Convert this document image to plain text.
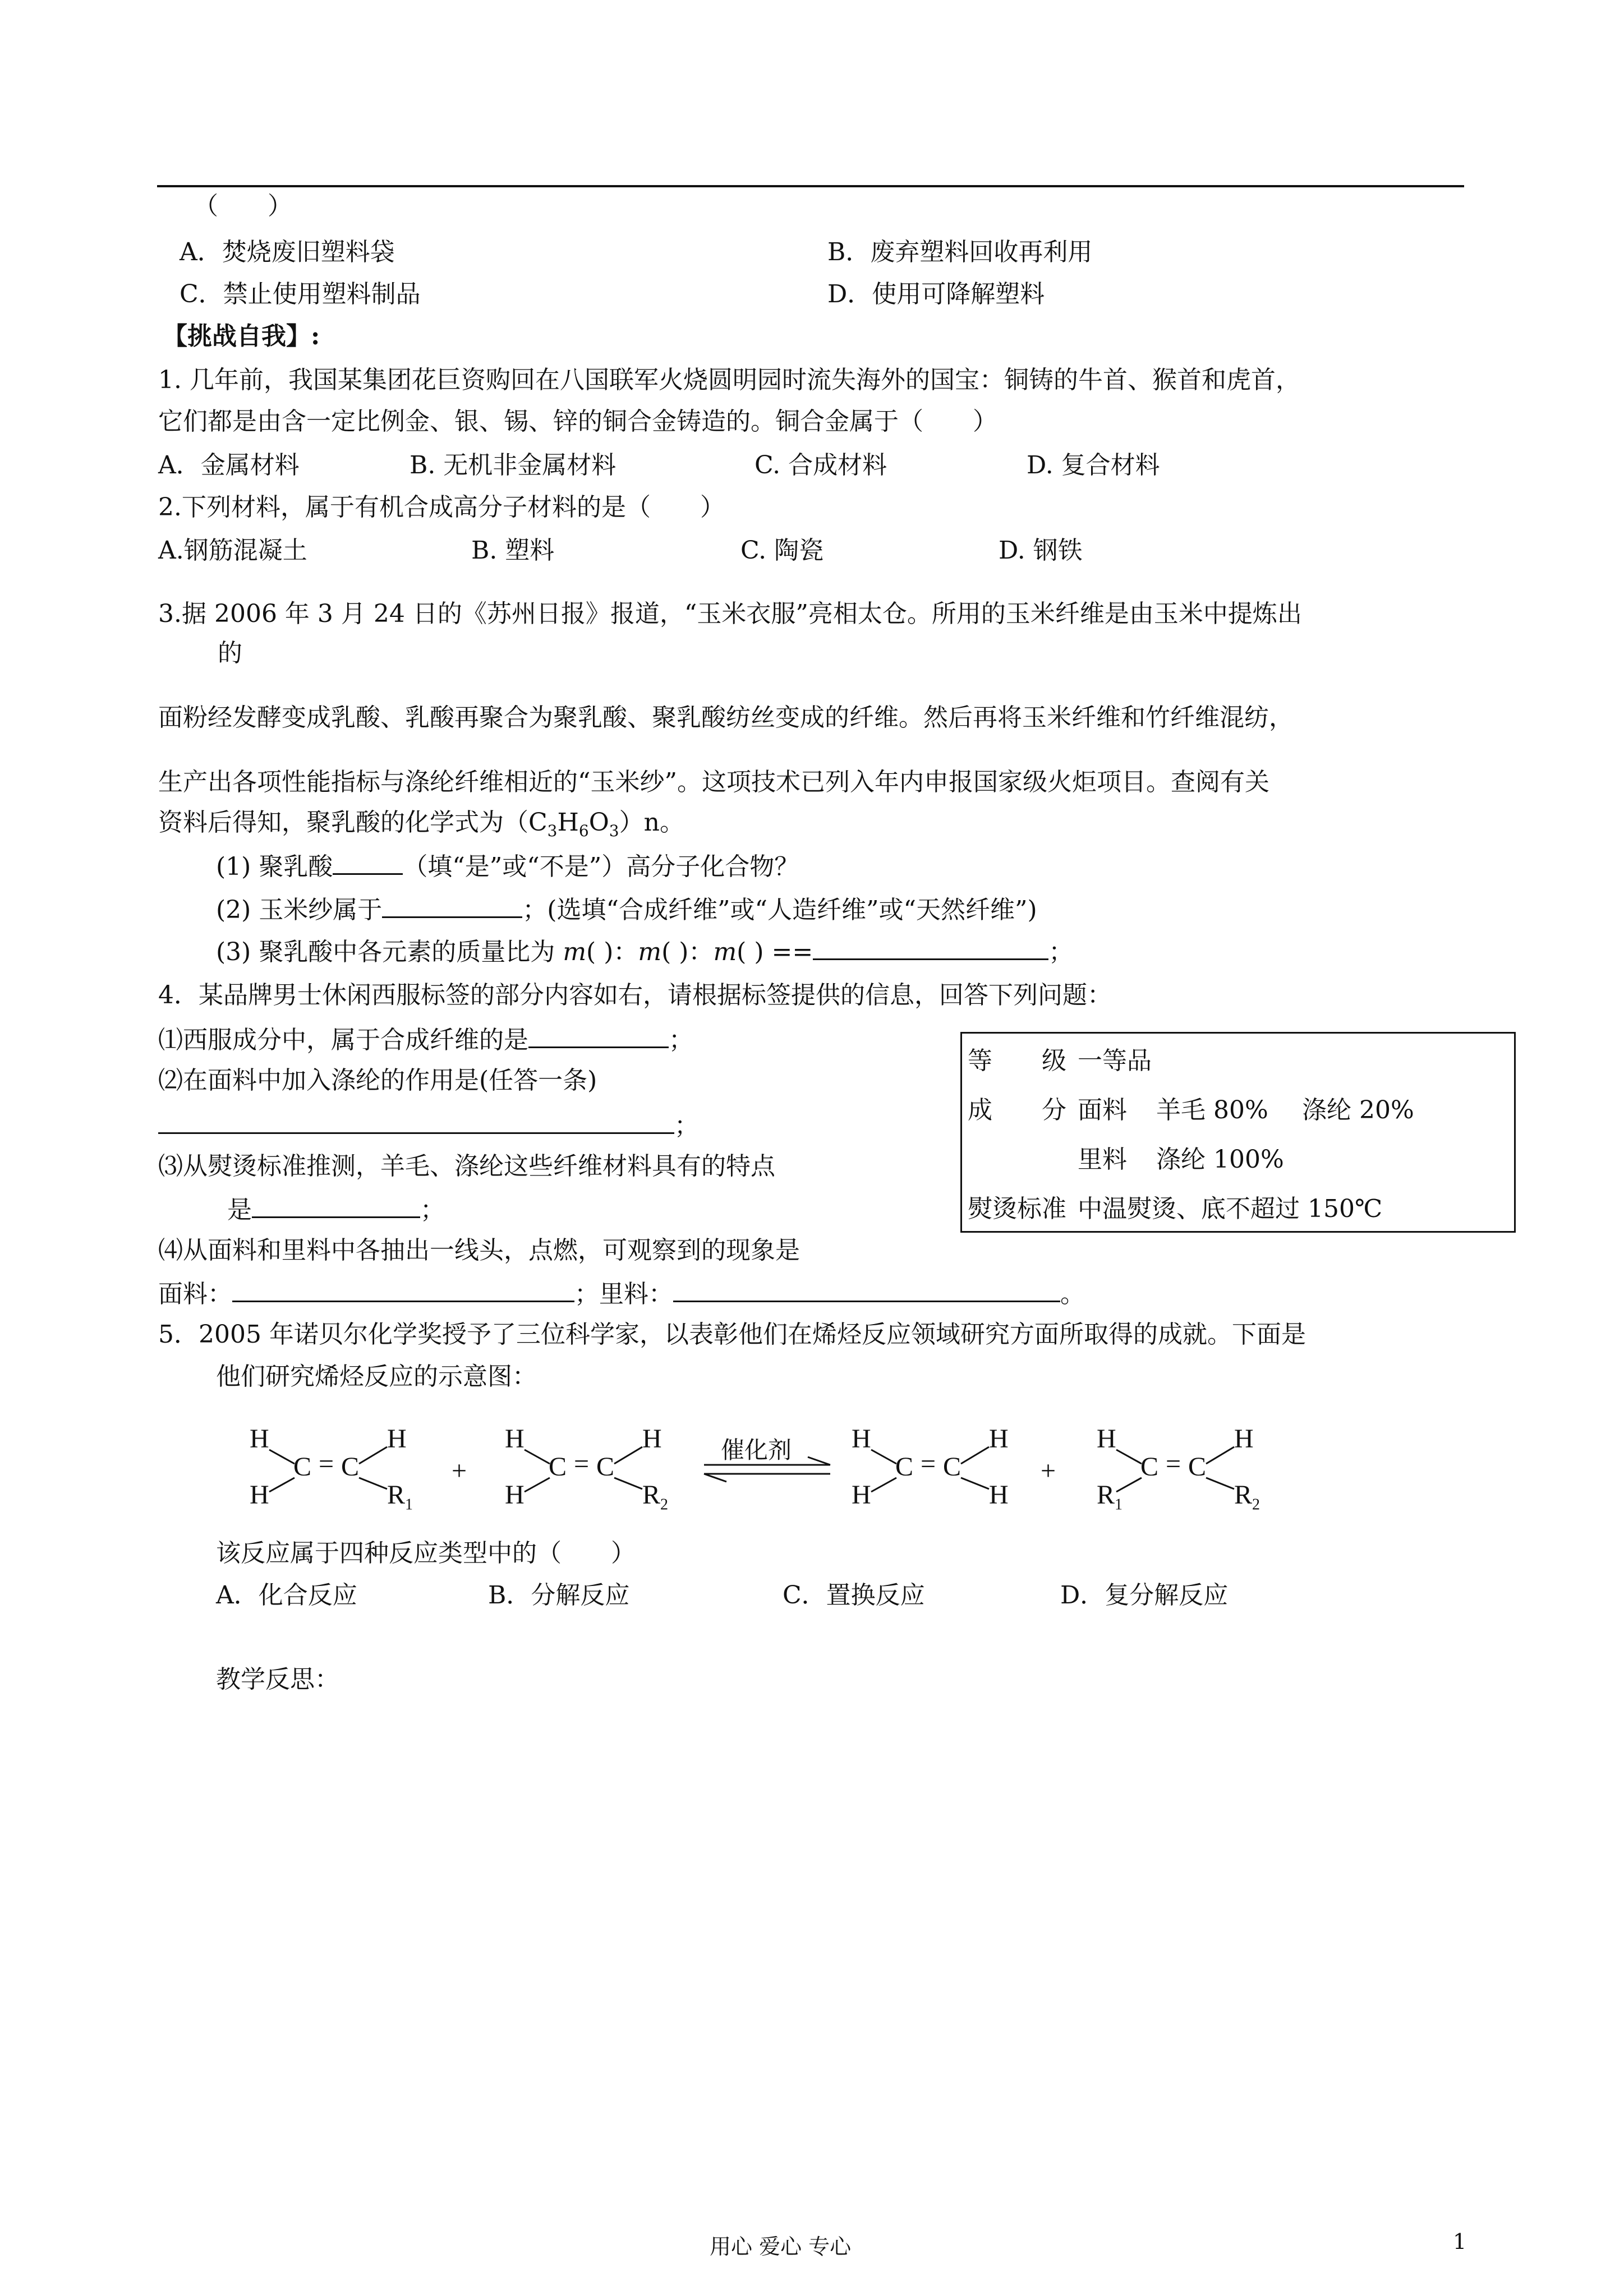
（　　）
A．焚烧废旧塑料袋	B．废弃塑料回收再利用
C．禁止使用塑料制品	D．使用可降解塑料
【挑战自我】:
1. 几年前，我国某集团花巨资购回在八国联军火烧圆明园时流失海外的国宝：铜铸的牛首、猴首和虎首，
它们都是由含一定比例金、银、锡、锌的铜合金铸造的。铜合金属于（　　）
A．金属材料	B. 无机非金属材料	C. 合成材料	D. 复合材料
2.下列材料，属于有机合成高分子材料的是（　　）
A.钢筋混凝土	B. 塑料	C. 陶瓷	D. 钢铁
3.据 2006 年 3 月 24 日的《苏州日报》报道，“玉米衣服”亮相太仓。所用的玉米纤维是由玉米中提炼出
的
面粉经发酵变成乳酸、乳酸再聚合为聚乳酸、聚乳酸纺丝变成的纤维。然后再将玉米纤维和竹纤维混纺，
生产出各项性能指标与涤纶纤维相近的“玉米纱”。这项技术已列入年内申报国家级火炬项目。查阅有关
资料后得知，聚乳酸的化学式为$(C_3H_6O_3)n$。
(1) 聚乳酸	（填“是”或“不是”）高分子化合物？
(2) 玉米纱属于	；(选填“合成纤维”或“人造纤维”或“天然纤维”)
(3) 聚乳酸中各元素的质量比为 m( )：m( )：m( ) ==	；
4．某品牌男士休闲西服标签的部分内容如右，请根据标签提供的信息，回答下列问题：
⑴西服成分中，属于合成纤维的是	；
⑵在面料中加入涤纶的作用是(任答一条)
；
⑶从熨烫标准推测，羊毛、涤纶这些纤维材料具有的特点
是	；
⑷从面料和里料中各抽出一线头，点燃，可观察到的现象是
面料：	；里料：	。
等   级	一等品		
成   分	面料	羊毛 80%	涤纶 20%
	里料	涤纶 100%	
熨烫标准	中温熨烫、底不超过 150℃		
5．2005 年诺贝尔化学奖授予了三位科学家，以表彰他们在烯烃反应领域研究方面所取得的成就。下面是
他们研究烯烃反应的示意图：
H
H
C = C
H
$R_1$
+
H
H
C = C
H
$R_2$
催化剂 H
H
C = C
H
H
+
H
$R_1$
C = C
H
$R_2$
该反应属于四种反应类型中的（　　）
A．化合反应	B．分解反应	C．置换反应	D．复分解反应
教学反思：
用心 爱心 专心	1
